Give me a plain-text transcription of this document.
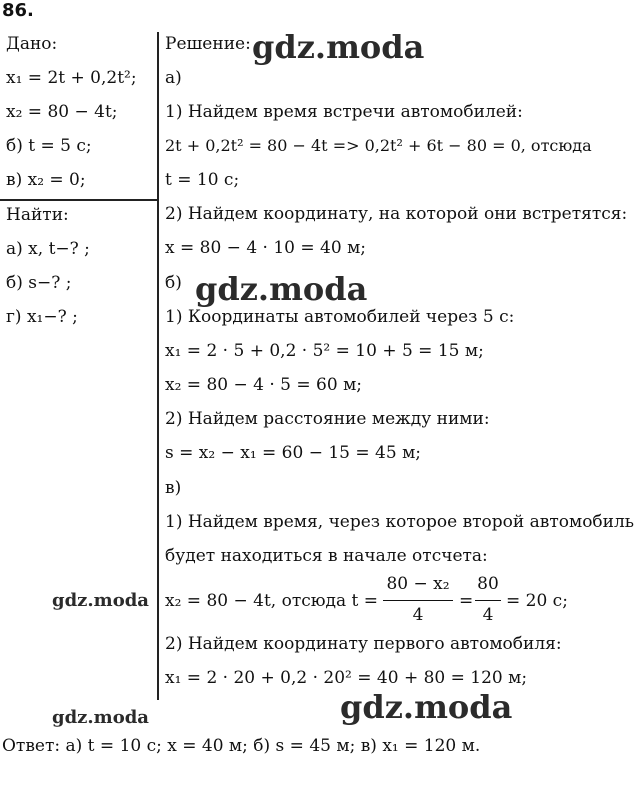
86.
Дано:
x₁ = 2t + 0,2t²;
x₂ = 80 − 4t;
б) t = 5 с;
в) x₂ = 0;
Найти:
а) x, t−? ;
б) s−? ;
г) x₁−? ;
Решение:
а)
1) Найдем время встречи автомобилей:
2t + 0,2t² = 80 − 4t => 0,2t² + 6t − 80 = 0, отсюда
t = 10 с;
2) Найдем координату, на которой они встретятся:
x = 80 − 4 · 10 = 40 м;
б)
1) Координаты автомобилей через 5 с:
x₁ = 2 · 5 + 0,2 · 5² = 10 + 5 = 15 м;
x₂ = 80 − 4 · 5 = 60 м;
2) Найдем расстояние между ними:
s = x₂ − x₁ = 60 − 15 = 45 м;
в)
1) Найдем время, через которое второй автомобиль
будет находиться в начале отсчета:
x₂ = 80 − 4t, отсюда t =
80 − x₂
4
=
80
4
= 20 с;
2) Найдем координату первого автомобиля:
x₁ = 2 · 20 + 0,2 · 20² = 40 + 80 = 120 м;
Ответ: а) t = 10 с; x = 40 м; б) s = 45 м; в) x₁ = 120 м.
gdz.moda
gdz.moda
gdz.moda
gdz.moda	gdz.moda
